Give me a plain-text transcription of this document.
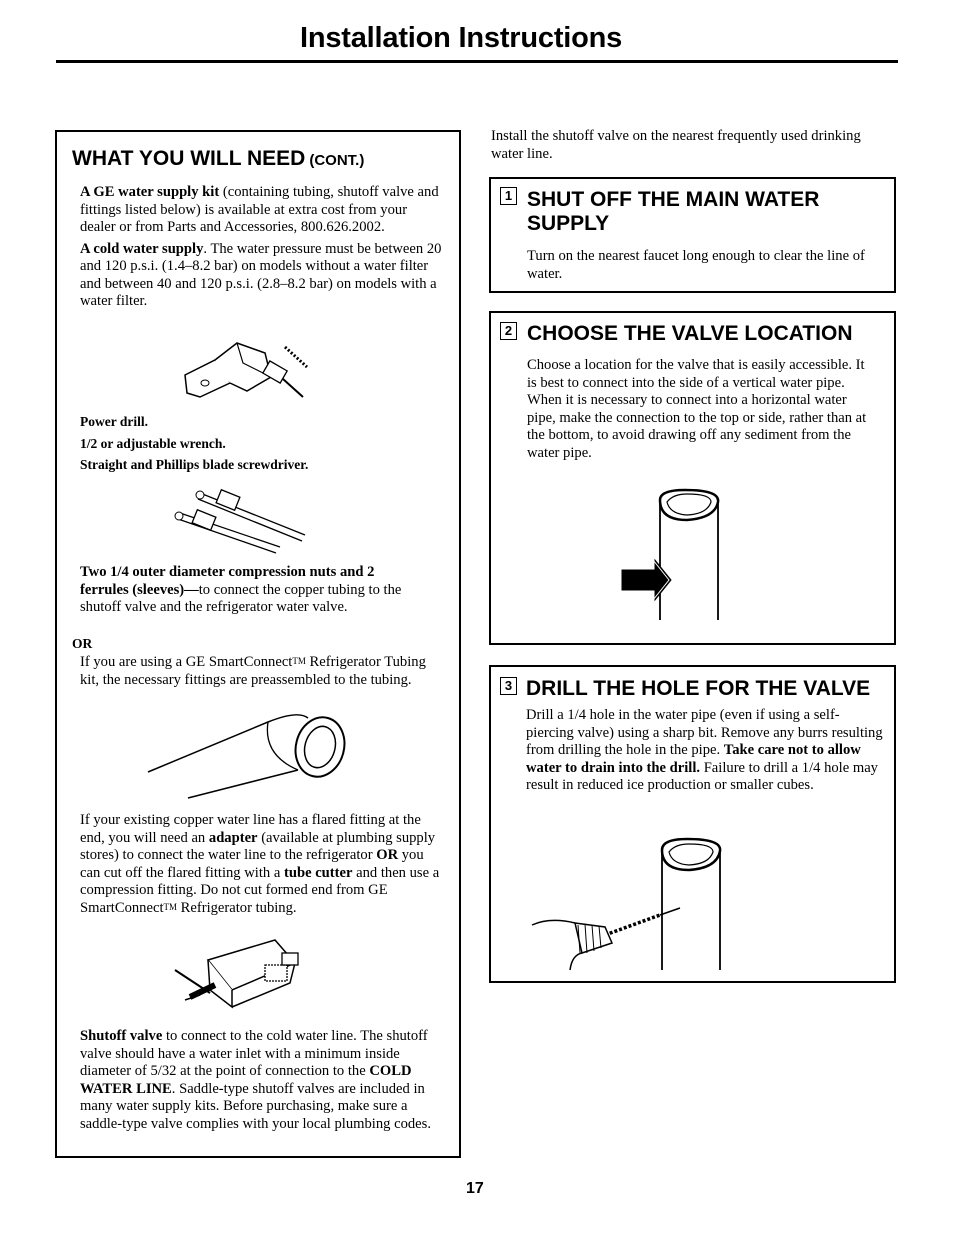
Installation Instructions
WHAT YOU WILL NEED (CONT.)

A GE water supply kit (containing tubing, shutoff valve and fittings listed below) is available at extra cost from your dealer or from Parts and Accessories, 800.626.2002.

A cold water supply. The water pressure must be between 20 and 120 p.s.i. (1.4–8.2 bar) on models without a water filter and between 40 and 120 p.s.i. (2.8–8.2 bar) on models with a water filter.

Power drill.

1/2 or adjustable wrench.

Straight and Phillips blade screwdriver.

Two 1/4 outer diameter compression nuts and 2 ferrules (sleeves)—to connect the copper tubing to the shutoff valve and the refrigerator water valve.

OR

If you are using a GE SmartConnect™ Refrigerator Tubing kit, the necessary fittings are preassembled to the tubing.

If your existing copper water line has a flared fitting at the end, you will need an adapter (available at plumbing supply stores) to connect the water line to the refrigerator OR you can cut off the flared fitting with a tube cutter and then use a compression fitting. Do not cut formed end from GE SmartConnect™ Refrigerator tubing.

Shutoff valve to connect to the cold water line. The shutoff valve should have a water inlet with a minimum inside diameter of 5/32 at the point of connection to the COLD WATER LINE. Saddle-type shutoff valves are included in many water supply kits. Before purchasing, make sure a saddle-type valve complies with your local plumbing codes.

Install the shutoff valve on the nearest frequently used drinking water line.
1 SHUT OFF THE MAIN WATER SUPPLY
Turn on the nearest faucet long enough to clear the line of water.
2 CHOOSE THE VALVE LOCATION
Choose a location for the valve that is easily accessible. It is best to connect into the side of a vertical water pipe. When it is necessary to connect into a horizontal water pipe, make the connection to the top or side, rather than at the bottom, to avoid drawing off any sediment from the water pipe.
3 DRILL THE HOLE FOR THE VALVE

Drill a 1/4 hole in the water pipe (even if using a self-piercing valve) using a sharp bit. Remove any burrs resulting from drilling the hole in the pipe. Take care not to allow water to drain into the drill. Failure to drill a 1/4 hole may result in reduced ice production or smaller cubes.

17
